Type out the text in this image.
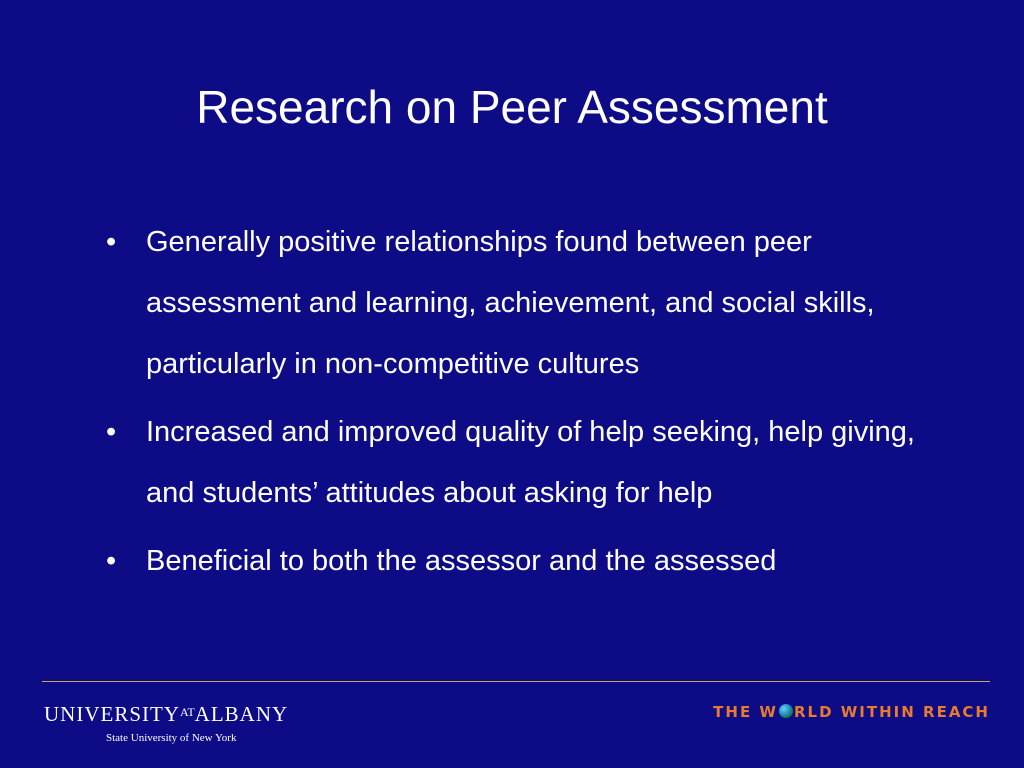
Research on Peer Assessment
•	Generally positive relationships found between peer assessment and learning, achievement, and social skills, particularly in non-competitive cultures
•	Increased and improved quality of help seeking, help giving, and students’ attitudes about asking for help
•	Beneficial to both the assessor and the assessed
$UNIVERSITY^{AT}ALBANY$
State University of New York
THE W RLD WITHIN REACH
